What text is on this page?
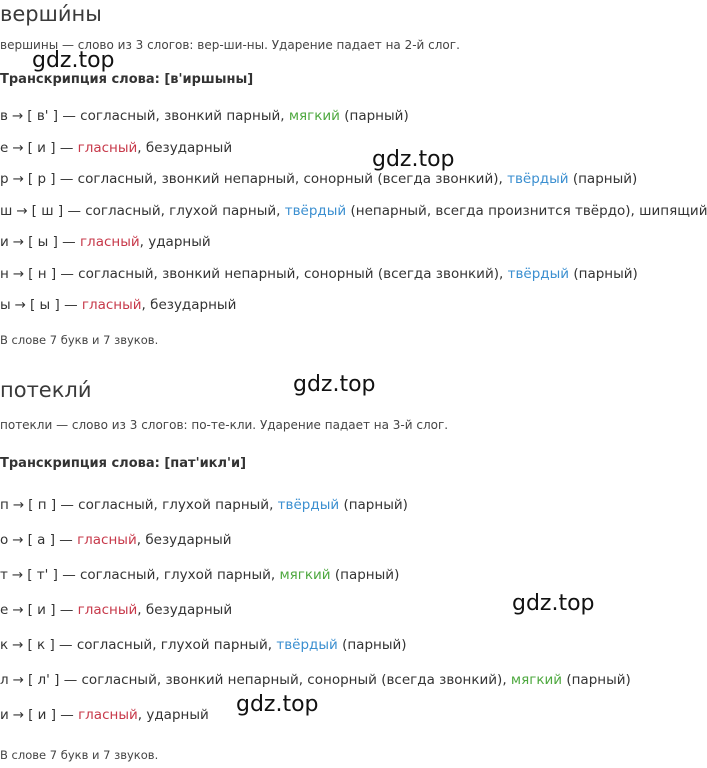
верши́ны
вершины — слово из 3 слогов: вер-ши-ны. Ударение падает на 2-й слог.
Транскрипция слова: [в'иршыны]
в → [ в' ] — согласный, звонкий парный, мягкий (парный)
е → [ и ] — гласный, безударный
р → [ р ] — согласный, звонкий непарный, сонорный (всегда звонкий), твёрдый (парный)
ш → [ ш ] — согласный, глухой парный, твёрдый (непарный, всегда произнится твёрдо), шипящий
и → [ ы ] — гласный, ударный
н → [ н ] — согласный, звонкий непарный, сонорный (всегда звонкий), твёрдый (парный)
ы → [ ы ] — гласный, безударный
В слове 7 букв и 7 звуков.
потекли́
потекли — слово из 3 слогов: по-те-кли. Ударение падает на 3-й слог.
Транскрипция слова: [пат'икл'и]
п → [ п ] — согласный, глухой парный, твёрдый (парный)
о → [ а ] — гласный, безударный
т → [ т' ] — согласный, глухой парный, мягкий (парный)
е → [ и ] — гласный, безударный
к → [ к ] — согласный, глухой парный, твёрдый (парный)
л → [ л' ] — согласный, звонкий непарный, сонорный (всегда звонкий), мягкий (парный)
и → [ и ] — гласный, ударный
В слове 7 букв и 7 звуков.
gdz.top
gdz.top
gdz.top
gdz.top
gdz.top
